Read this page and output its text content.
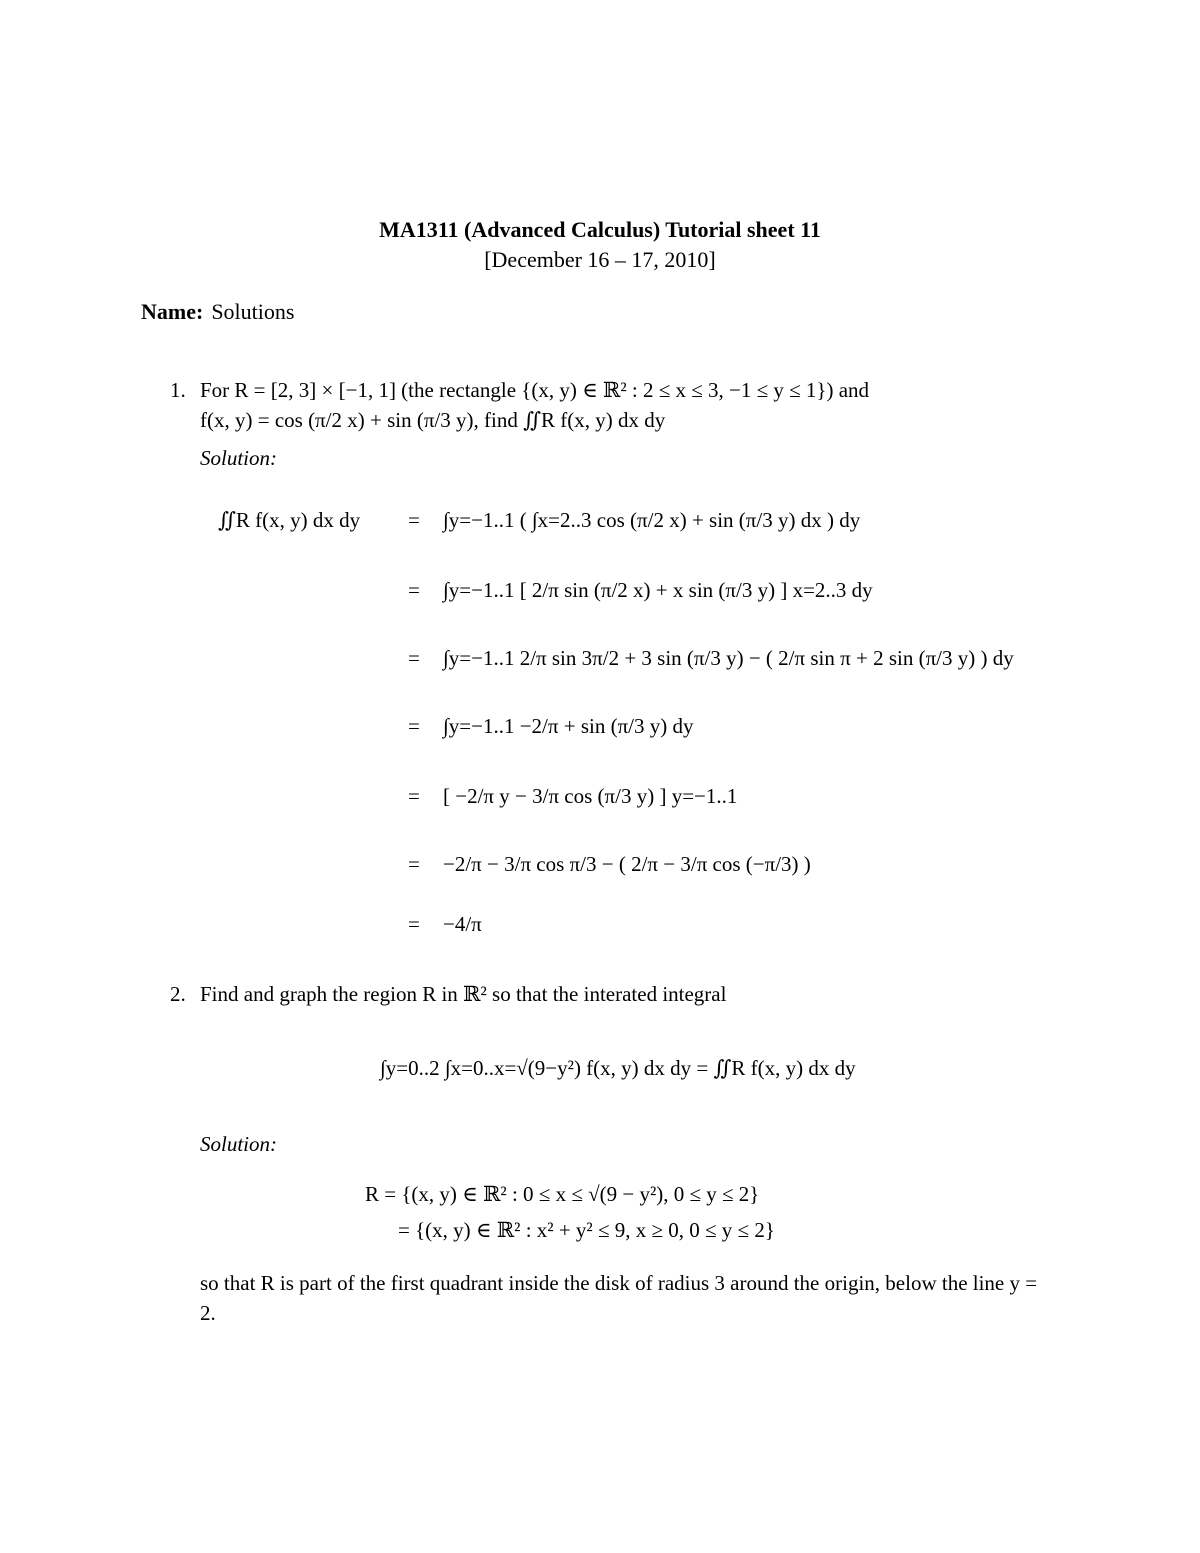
MA1311 (Advanced Calculus) Tutorial sheet 11
[December 16 – 17, 2010]
Name: Solutions
1. For R = [2, 3] × [−1, 1] (the rectangle {(x, y) ∈ ℝ² : 2 ≤ x ≤ 3, −1 ≤ y ≤ 1}) and
f(x, y) = cos (π/2 x) + sin (π/3 y), find ∬R f(x, y) dx dy
Solution:
∬R f(x, y) dx dy = ∫y=−1..1 ( ∫x=2..3 cos (π/2 x) + sin (π/3 y) dx ) dy
= ∫y=−1..1 [ 2/π sin (π/2 x) + x sin (π/3 y) ] x=2..3 dy
= ∫y=−1..1 2/π sin 3π/2 + 3 sin (π/3 y) − ( 2/π sin π + 2 sin (π/3 y) ) dy
= ∫y=−1..1 −2/π + sin (π/3 y) dy
= [ −2/π y − 3/π cos (π/3 y) ] y=−1..1
= −2/π − 3/π cos π/3 − ( 2/π − 3/π cos (−π/3) )
= −4/π
2. Find and graph the region R in ℝ² so that the interated integral
∫y=0..2 ∫x=0..x=√(9−y²) f(x, y) dx dy = ∬R f(x, y) dx dy
Solution:
R = {(x, y) ∈ ℝ² : 0 ≤ x ≤ √(9 − y²), 0 ≤ y ≤ 2}
= {(x, y) ∈ ℝ² : x² + y² ≤ 9, x ≥ 0, 0 ≤ y ≤ 2}
so that R is part of the first quadrant inside the disk of radius 3 around the origin, below the line y = 2.
